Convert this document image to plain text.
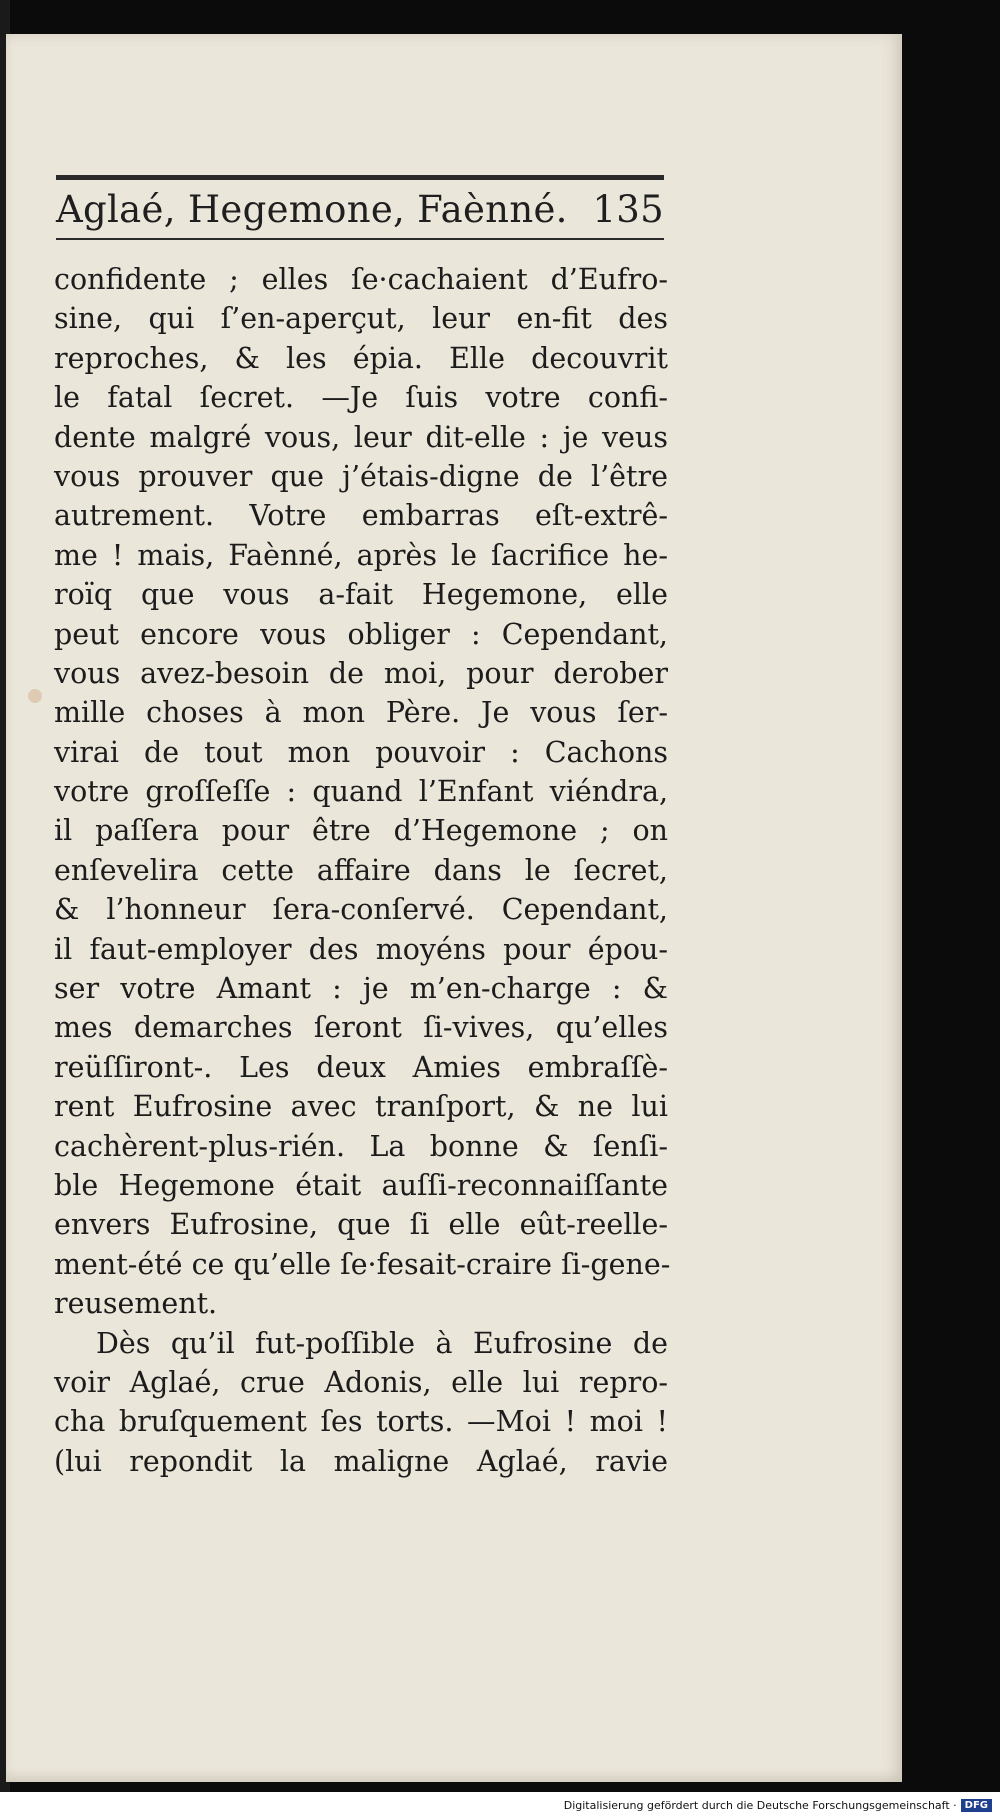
Aglaé, Hegemone, Faènné. 135
confidente ; elles ſe·cachaient d’Eufro-
sine, qui ſ’en-aperçut, leur en-fit des
reproches, & les épia. Elle decouvrit
le fatal ſecret. —Je ſuis votre confi-
dente malgré vous, leur dit-elle : je veus
vous prouver que j’étais-digne de l’être
autrement. Votre embarras eſt-extrê-
me ! mais, Faènné, après le ſacrifice he-
roïq que vous a-fait Hegemone, elle
peut encore vous obliger : Cependant,
vous avez-besoin de moi, pour derober
mille choses à mon Père. Je vous ſer-
virai de tout mon pouvoir : Cachons
votre groſſeſſe : quand l’Enfant viéndra,
il paſſera pour être d’Hegemone ; on
enſevelira cette affaire dans le ſecret,
& l’honneur ſera-conſervé. Cependant,
il faut-employer des moyéns pour épou-
ser votre Amant : je m’en-charge : &
mes demarches ſeront ſi-vives, qu’elles
reüſſiront-. Les deux Amies embraſſè-
rent Eufrosine avec tranſport, & ne lui
cachèrent-plus-rién. La bonne & ſenſi-
ble Hegemone était auſſi-reconnaiſſante
envers Eufrosine, que ſi elle eût-reelle-
ment-été ce qu’elle ſe·fesait-craire ſi-gene-
reusement.
Dès qu’il fut-poſſible à Eufrosine de
voir Aglaé, crue Adonis, elle lui repro-
cha bruſquement ſes torts. —Moi ! moi !
(lui repondit la maligne Aglaé, ravie
Digitalisierung gefördert durch die Deutsche Forschungsgemeinschaft · DFG
